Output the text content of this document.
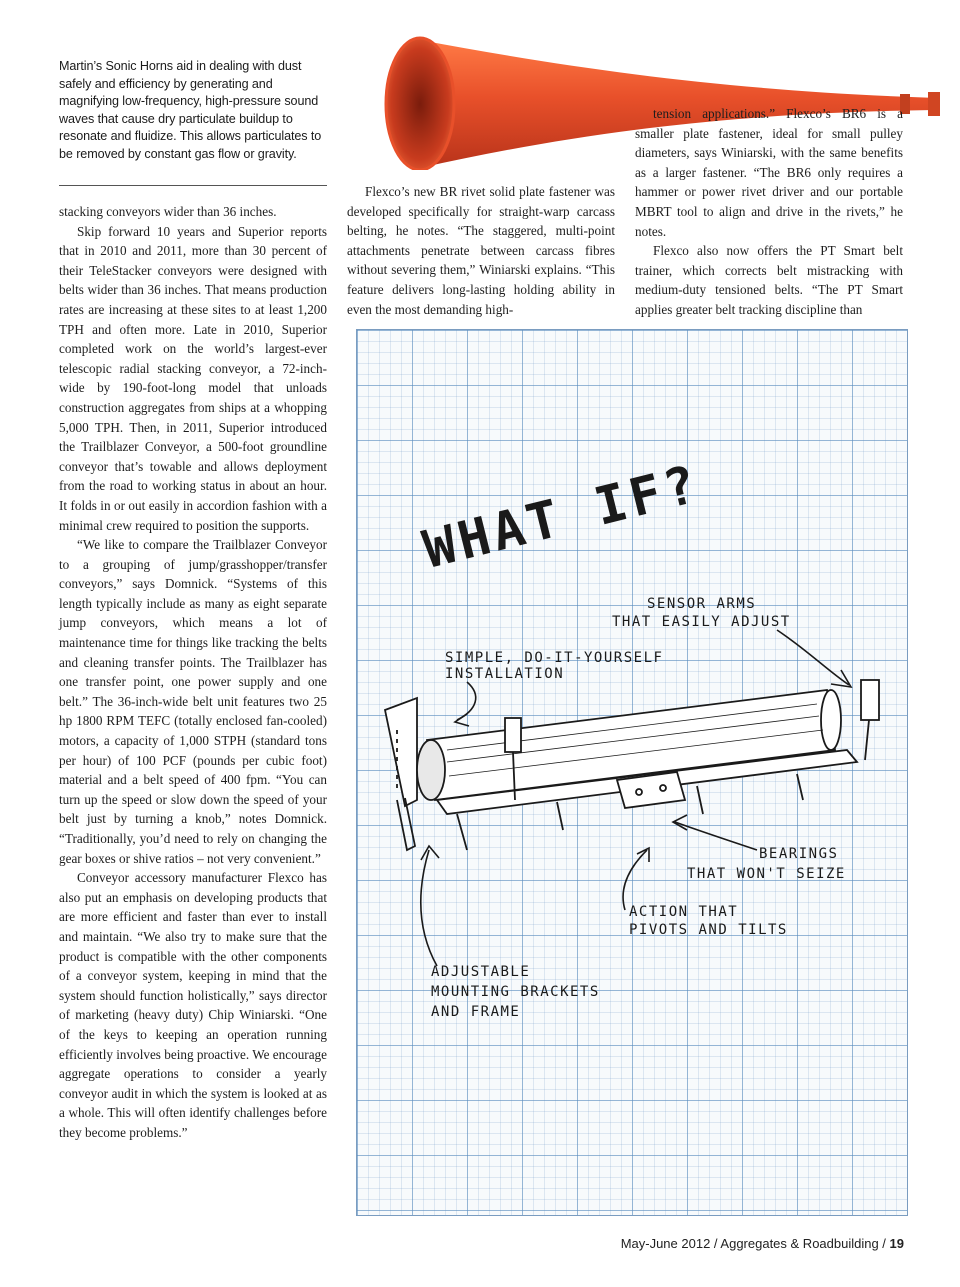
Martin’s Sonic Horns aid in dealing with dust safely and efficiency by generating and magnifying low-frequency, high-pressure sound waves that cause dry particulate buildup to resonate and fluidize. This allows particulates to be removed by constant gas flow or gravity.

stacking conveyors wider than 36 inches.

Skip forward 10 years and Superior reports that in 2010 and 2011, more than 30 percent of their TeleStacker conveyors were designed with belts wider than 36 inches. That means production rates are increasing at these sites to at least 1,200 TPH and often more. Late in 2010, Superior completed work on the world’s largest-ever telescopic radial stacking conveyor, a 72-inch-wide by 190-foot-long model that unloads construction aggregates from ships at a whopping 5,000 TPH. Then, in 2011, Superior introduced the Trailblazer Conveyor, a 500-foot groundline conveyor that’s towable and allows deployment from the road to working status in about an hour. It folds in or out easily in accordion fashion with a minimal crew required to position the supports.

“We like to compare the Trailblazer Conveyor to a grouping of jump/grasshopper/transfer conveyors,” says Domnick. “Systems of this length typically include as many as eight separate jump conveyors, which means a lot of maintenance time for things like tracking the belts and cleaning transfer points. The Trailblazer has one transfer point, one power supply and one belt.” The 36-inch-wide belt unit features two 25 hp 1800 RPM TEFC (totally enclosed fan-cooled) motors, a capacity of 1,000 STPH (standard tons per hour) of 100 PCF (pounds per cubic foot) material and a belt speed of 400 fpm. “You can turn up the speed or slow down the speed of your belt just by turning a knob,” notes Domnick. “Traditionally, you’d need to rely on changing the gear boxes or shive ratios – not very convenient.”

Conveyor accessory manufacturer Flexco has also put an emphasis on developing products that are more efficient and faster than ever to install and maintain. “We also try to make sure that the product is compatible with the other components of a conveyor system, keeping in mind that the system should function holistically,” says director of marketing (heavy duty) Chip Winiarski. “One of the keys to keeping an operation running efficiently involves being proactive. We encourage aggregate operations to consider a yearly conveyor audit in which the system is looked at as a whole. This will often identify challenges before they become problems.”

Flexco’s new BR rivet solid plate fastener was developed specifically for straight-warp carcass belting, he notes. “The staggered, multi-point attachments penetrate between carcass fibres without severing them,” Winiarski explains. “This feature delivers long-lasting holding ability in even the most demanding high-

tension applications.” Flexco’s BR6 is a smaller plate fastener, ideal for small pulley diameters, says Winiarski, with the same benefits as a larger fastener. “The BR6 only requires a hammer or power rivet driver and our portable MBRT tool to align and drive in the rivets,” he notes.

Flexco also now offers the PT Smart belt trainer, which corrects belt mistracking with medium-duty tensioned belts. “The PT Smart applies greater belt tracking discipline than

WHAT IF?
SENSOR ARMS
THAT EASILY ADJUST
SIMPLE, DO-IT-YOURSELF
INSTALLATION
BEARINGS
THAT WON'T SEIZE
ACTION THAT
PIVOTS AND TILTS
ADJUSTABLE
MOUNTING BRACKETS
AND FRAME
May-June 2012 / Aggregates & Roadbuilding / 19
